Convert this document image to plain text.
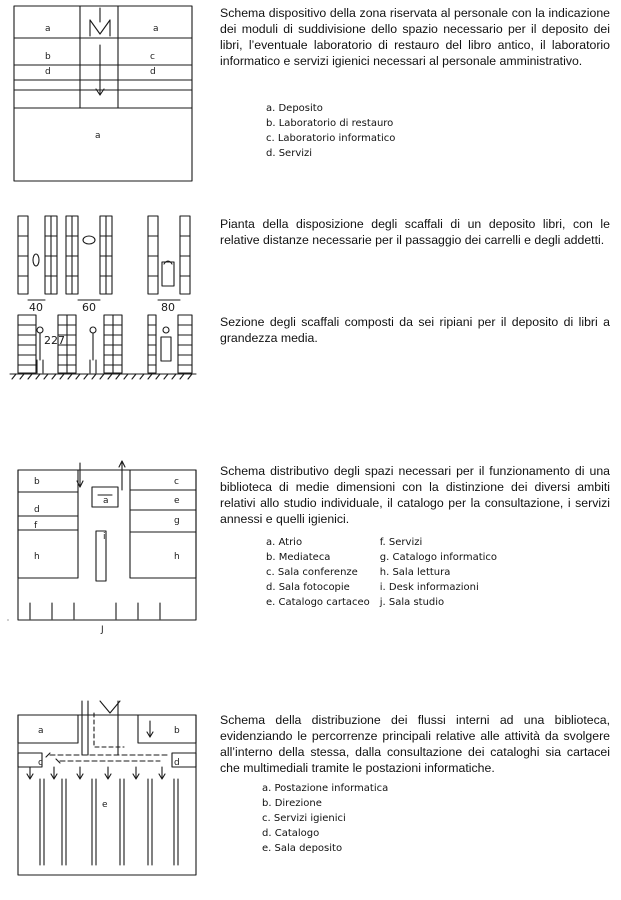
a	a
b	c
d	d
a

Schema dispositivo della zona riservata al personale con la indicazione dei moduli di suddivisione dello spazio necessario per il deposito dei libri, l’eventuale laboratorio di restauro del libro antico, il laboratorio informatico e servizi igienici necessari al personale amministrativo.

a. Deposito
b. Laboratorio di restauro
c. Laboratorio informatico
d. Servizi
40	60	80
227

Pianta della disposizione degli scaffali di un deposito libri, con le relative distanze necessarie per il passaggio dei carrelli e degli addetti.

Sezione degli scaffali composti da sei ripiani per il deposito di libri a grandezza media.

b	c
e
d
f	g
h	h
a
i
J

Schema distributivo degli spazi necessari per il funzionamento di una biblioteca di medie dimensioni con la distinzione dei diversi ambiti relativi allo studio individuale, il catalogo per la consultazione, i servizi annessi e quelli igienici.

a. Atrio
b. Mediateca
c. Sala conferenze
d. Sala fotocopie
e. Catalogo cartaceo
f. Servizi
g. Catalogo informatico
h. Sala lettura
i. Desk informazioni
j. Sala studio
a	b
c	d
e

Schema della distribuzione dei flussi interni ad una biblioteca, evidenziando le percorrenze principali relative alle attività da svolgere all’interno della stessa, dalla consultazione dei cataloghi sia cartacei che multimediali tramite le postazioni informatiche.

a. Postazione informatica
b. Direzione
c. Servizi igienici
d. Catalogo
e. Sala deposito
